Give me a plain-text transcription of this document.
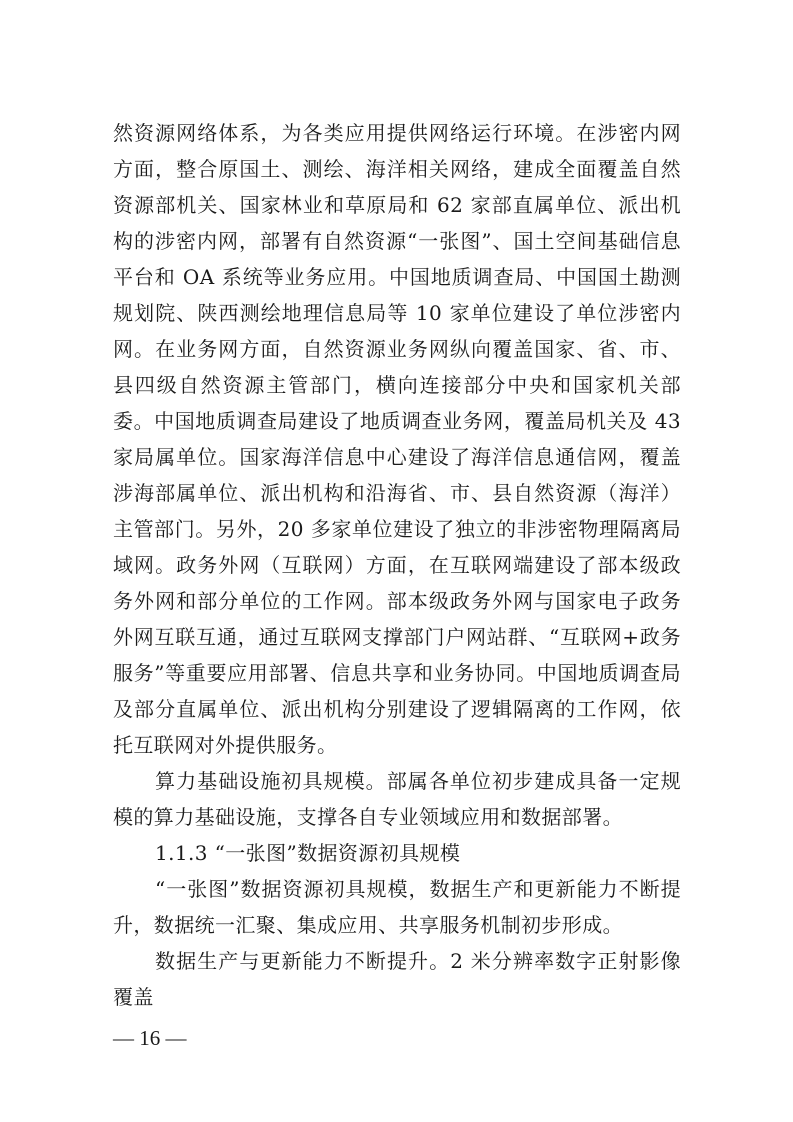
然资源网络体系，为各类应用提供网络运行环境。在涉密内网方面，整合原国土、测绘、海洋相关网络，建成全面覆盖自然资源部机关、国家林业和草原局和 62 家部直属单位、派出机构的涉密内网，部署有自然资源“一张图”、国土空间基础信息平台和 OA 系统等业务应用。中国地质调查局、中国国土勘测规划院、陕西测绘地理信息局等 10 家单位建设了单位涉密内网。在业务网方面，自然资源业务网纵向覆盖国家、省、市、县四级自然资源主管部门，横向连接部分中央和国家机关部委。中国地质调查局建设了地质调查业务网，覆盖局机关及 43 家局属单位。国家海洋信息中心建设了海洋信息通信网，覆盖涉海部属单位、派出机构和沿海省、市、县自然资源（海洋）主管部门。另外，20 多家单位建设了独立的非涉密物理隔离局域网。政务外网（互联网）方面，在互联网端建设了部本级政务外网和部分单位的工作网。部本级政务外网与国家电子政务外网互联互通，通过互联网支撑部门户网站群、“互联网+政务服务”等重要应用部署、信息共享和业务协同。中国地质调查局及部分直属单位、派出机构分别建设了逻辑隔离的工作网，依托互联网对外提供服务。

算力基础设施初具规模。部属各单位初步建成具备一定规模的算力基础设施，支撑各自专业领域应用和数据部署。

1.1.3 “一张图”数据资源初具规模

“一张图”数据资源初具规模，数据生产和更新能力不断提升，数据统一汇聚、集成应用、共享服务机制初步形成。

数据生产与更新能力不断提升。2 米分辨率数字正射影像覆盖

— 16 —
